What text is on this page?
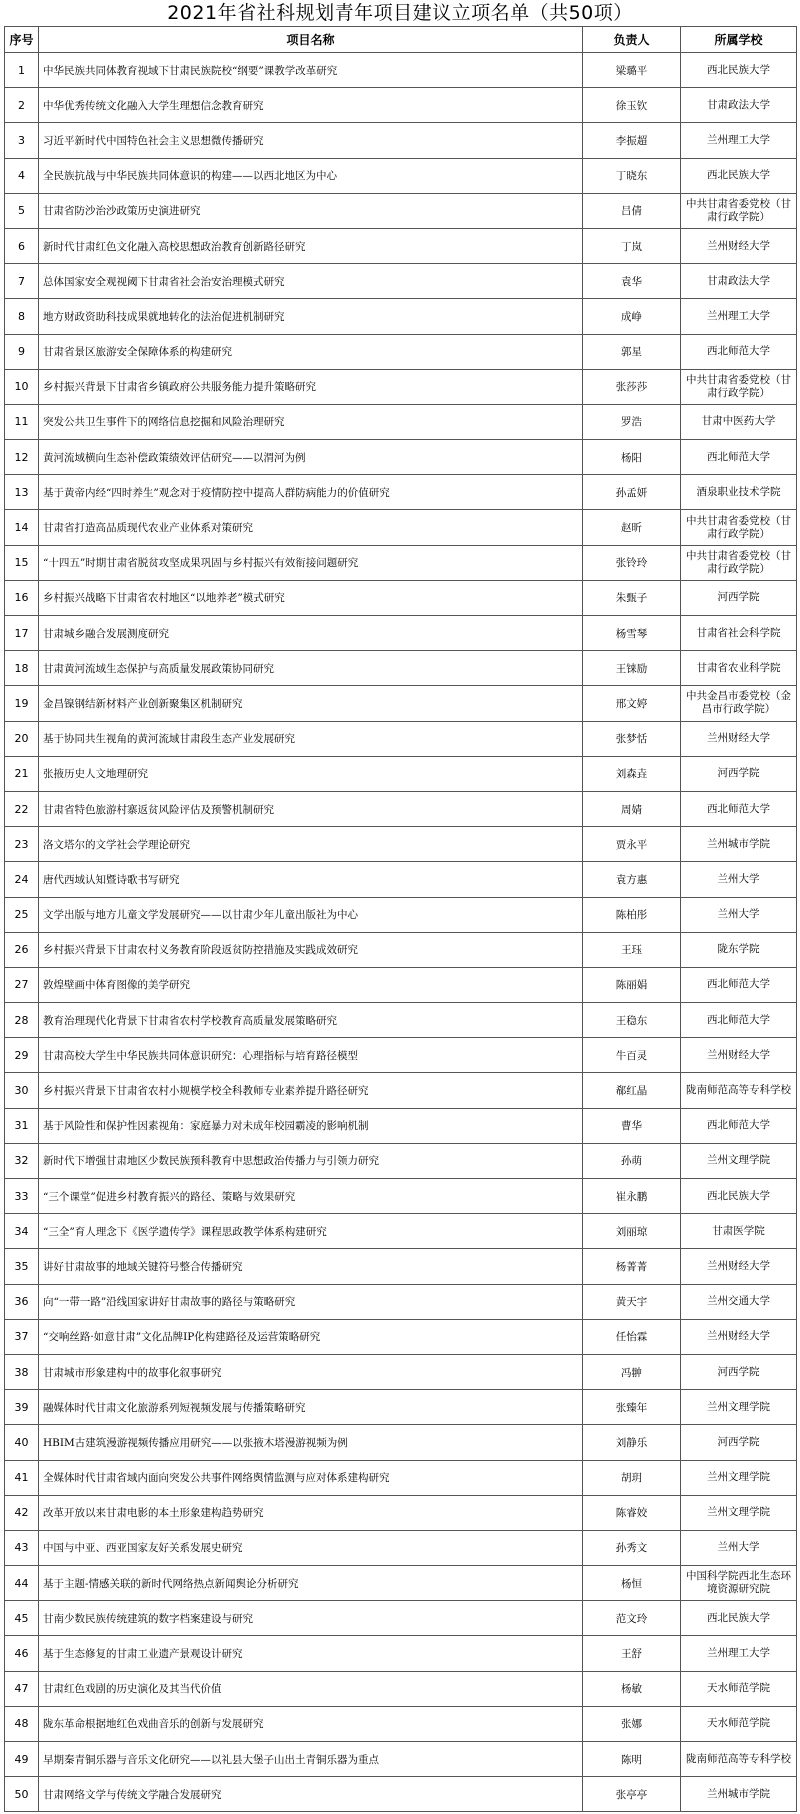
2021年省社科规划青年项目建议立项名单（共50项）
序号	项目名称	负责人	所属学校
1	中华民族共同体教育视域下甘肃民族院校“纲要”课教学改革研究	梁璐平	西北民族大学
2	中华优秀传统文化融入大学生理想信念教育研究	徐玉钦	甘肃政法大学
3	习近平新时代中国特色社会主义思想微传播研究	李振超	兰州理工大学
4	全民族抗战与中华民族共同体意识的构建——以西北地区为中心	丁晓东	西北民族大学
5	甘肃省防沙治沙政策历史演进研究	吕倩	中共甘肃省委党校（甘肃行政学院）
6	新时代甘肃红色文化融入高校思想政治教育创新路径研究	丁岚	兰州财经大学
7	总体国家安全观视阈下甘肃省社会治安治理模式研究	袁华	甘肃政法大学
8	地方财政资助科技成果就地转化的法治促进机制研究	成峥	兰州理工大学
9	甘肃省景区旅游安全保障体系的构建研究	郭星	西北师范大学
10	乡村振兴背景下甘肃省乡镇政府公共服务能力提升策略研究	张莎莎	中共甘肃省委党校（甘肃行政学院）
11	突发公共卫生事件下的网络信息挖掘和风险治理研究	罗浩	甘肃中医药大学
12	黄河流域横向生态补偿政策绩效评估研究——以渭河为例	杨阳	西北师范大学
13	基于黄帝内经“四时养生”观念对于疫情防控中提高人群防病能力的价值研究	孙孟妍	酒泉职业技术学院
14	甘肃省打造高品质现代农业产业体系对策研究	赵昕	中共甘肃省委党校（甘肃行政学院）
15	“十四五”时期甘肃省脱贫攻坚成果巩固与乡村振兴有效衔接问题研究	张铃玲	中共甘肃省委党校（甘肃行政学院）
16	乡村振兴战略下甘肃省农村地区“以地养老”模式研究	朱甄子	河西学院
17	甘肃城乡融合发展测度研究	杨雪琴	甘肃省社会科学院
18	甘肃黄河流域生态保护与高质量发展政策协同研究	王铼励	甘肃省农业科学院
19	金昌镍钢结新材料产业创新聚集区机制研究	邢文婷	中共金昌市委党校（金昌市行政学院）
20	基于协同共生视角的黄河流域甘肃段生态产业发展研究	张梦恬	兰州财经大学
21	张掖历史人文地理研究	刘森垚	河西学院
22	甘肃省特色旅游村寨返贫风险评估及预警机制研究	周婧	西北师范大学
23	洛文塔尔的文学社会学理论研究	贾永平	兰州城市学院
24	唐代西域认知暨诗歌书写研究	袁方惠	兰州大学
25	文学出版与地方儿童文学发展研究——以甘肃少年儿童出版社为中心	陈柏彤	兰州大学
26	乡村振兴背景下甘肃农村义务教育阶段返贫防控措施及实践成效研究	王珏	陇东学院
27	敦煌壁画中体育图像的美学研究	陈丽娟	西北师范大学
28	教育治理现代化背景下甘肃省农村学校教育高质量发展策略研究	王稳东	西北师范大学
29	甘肃高校大学生中华民族共同体意识研究：心理指标与培育路径模型	牛百灵	兰州财经大学
30	乡村振兴背景下甘肃省农村小规模学校全科教师专业素养提升路径研究	郗红晶	陇南师范高等专科学校
31	基于风险性和保护性因素视角：家庭暴力对未成年校园霸凌的影响机制	曹华	西北师范大学
32	新时代下增强甘肃地区少数民族预科教育中思想政治传播力与引领力研究	孙萌	兰州文理学院
33	“三个课堂”促进乡村教育振兴的路径、策略与效果研究	崔永鹏	西北民族大学
34	“三全”育人理念下《医学遗传学》课程思政教学体系构建研究	刘丽琼	甘肃医学院
35	讲好甘肃故事的地域关键符号整合传播研究	杨菁菁	兰州财经大学
36	向“一带一路”沿线国家讲好甘肃故事的路径与策略研究	黄天宇	兰州交通大学
37	“交响丝路·如意甘肃”文化品牌IP化构建路径及运营策略研究	任怡霖	兰州财经大学
38	甘肃城市形象建构中的故事化叙事研究	冯翀	河西学院
39	融媒体时代甘肃文化旅游系列短视频发展与传播策略研究	张臻年	兰州文理学院
40	HBIM古建筑漫游视频传播应用研究——以张掖木塔漫游视频为例	刘静乐	河西学院
41	全媒体时代甘肃省域内面向突发公共事件网络舆情监测与应对体系建构研究	胡玥	兰州文理学院
42	改革开放以来甘肃电影的本土形象建构趋势研究	陈睿姣	兰州文理学院
43	中国与中亚、西亚国家友好关系发展史研究	孙秀文	兰州大学
44	基于主题-情感关联的新时代网络热点新闻舆论分析研究	杨恒	中国科学院西北生态环境资源研究院
45	甘南少数民族传统建筑的数字档案建设与研究	范文玲	西北民族大学
46	基于生态修复的甘肃工业遗产景观设计研究	王舒	兰州理工大学
47	甘肃红色戏剧的历史演化及其当代价值	杨敏	天水师范学院
48	陇东革命根据地红色戏曲音乐的创新与发展研究	张娜	天水师范学院
49	早期秦青铜乐器与音乐文化研究——以礼县大堡子山出土青铜乐器为重点	陈明	陇南师范高等专科学校
50	甘肃网络文学与传统文学融合发展研究	张亭亭	兰州城市学院
